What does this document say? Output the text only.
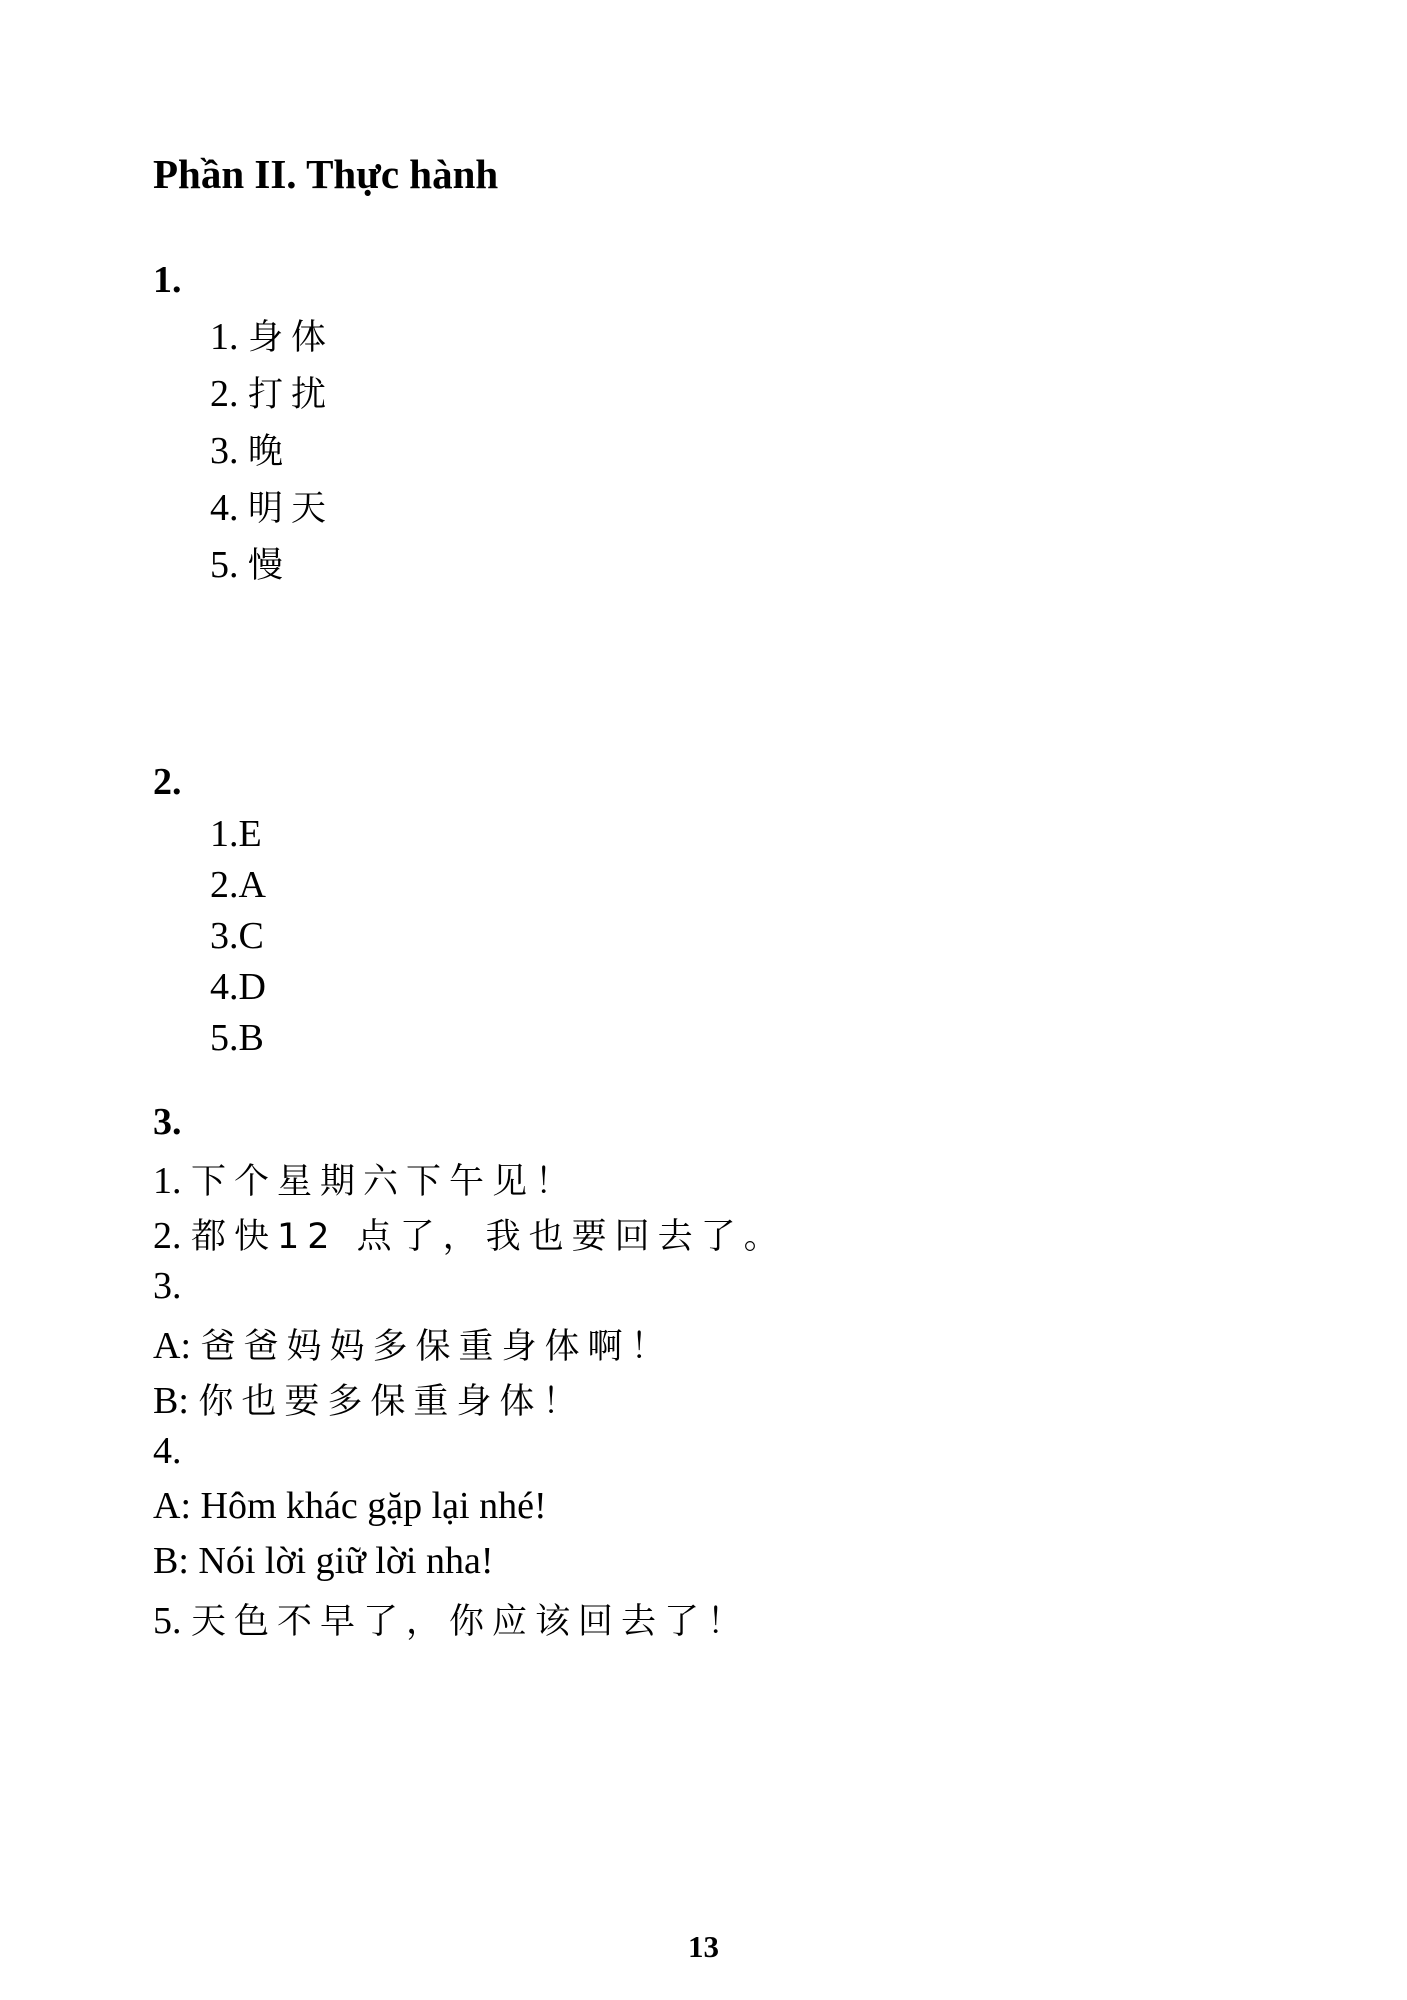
Phần II. Thực hành
1.
1. 身体
2. 打扰
3. 晚
4. 明天
5. 慢
2.
1.E
2.A
3.C
4.D
5.B
3.
1. 下个星期六下午见！
2. 都快12 点了，我也要回去了。
3.
A: 爸爸妈妈多保重身体啊！
B: 你也要多保重身体！
4.
A: Hôm khác gặp lại nhé!
B: Nói lời giữ lời nha!
5. 天色不早了，你应该回去了！
13
